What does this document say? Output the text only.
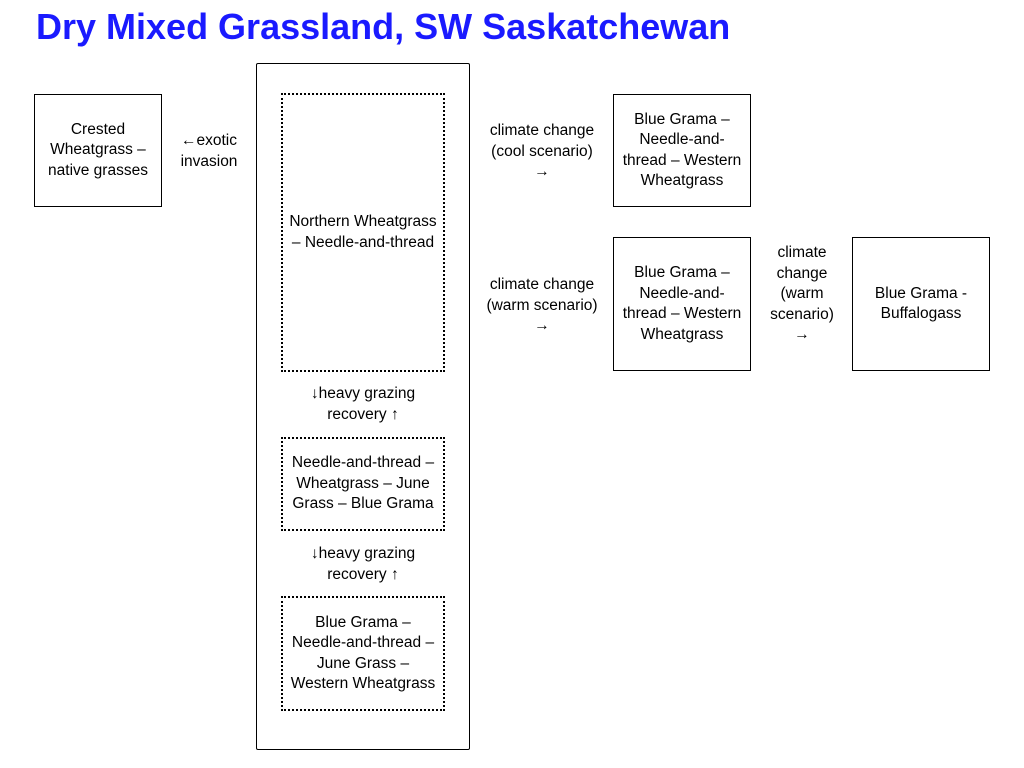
Dry Mixed Grassland, SW Saskatchewan
Crested Wheatgrass – native grasses
←exotic
invasion
Northern Wheatgrass – Needle-and-thread
↓heavy grazing
recovery ↑
Needle-and-thread – Wheatgrass – June Grass – Blue Grama
↓heavy grazing
recovery ↑
Blue Grama – Needle-and-thread – June Grass – Western Wheatgrass
climate change
(cool scenario)
→
Blue Grama – Needle-and-thread – Western Wheatgrass
climate change
(warm scenario)
→
Blue Grama – Needle-and-thread – Western Wheatgrass
climate
change
(warm
scenario)
→
Blue Grama - Buffalogass
